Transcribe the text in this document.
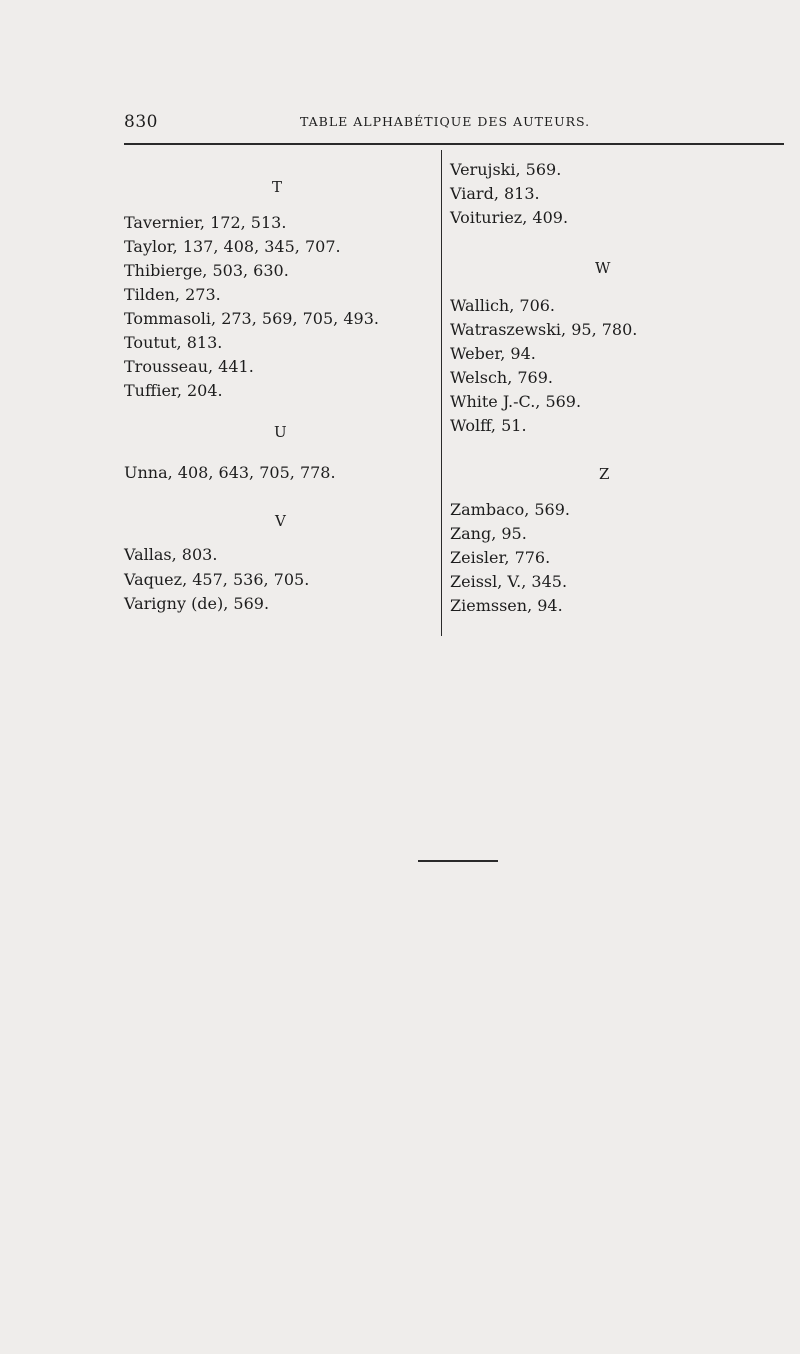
830	TABLE ALPHABÉTIQUE DES AUTEURS.
T
Tavernier, 172, 513.
Taylor, 137, 408, 345, 707.
Thibierge, 503, 630.
Tilden, 273.
Tommasoli, 273, 569, 705, 493.
Toutut, 813.
Trousseau, 441.
Tuffier, 204.
U
Unna, 408, 643, 705, 778.
V
Vallas, 803.
Vaquez, 457, 536, 705.
Varigny (de), 569.
Verujski, 569.
Viard, 813.
Voituriez, 409.
W
Wallich, 706.
Watraszewski, 95, 780.
Weber, 94.
Welsch, 769.
White J.-C., 569.
Wolff, 51.
Z
Zambaco, 569.
Zang, 95.
Zeisler, 776.
Zeissl, V., 345.
Ziemssen, 94.
